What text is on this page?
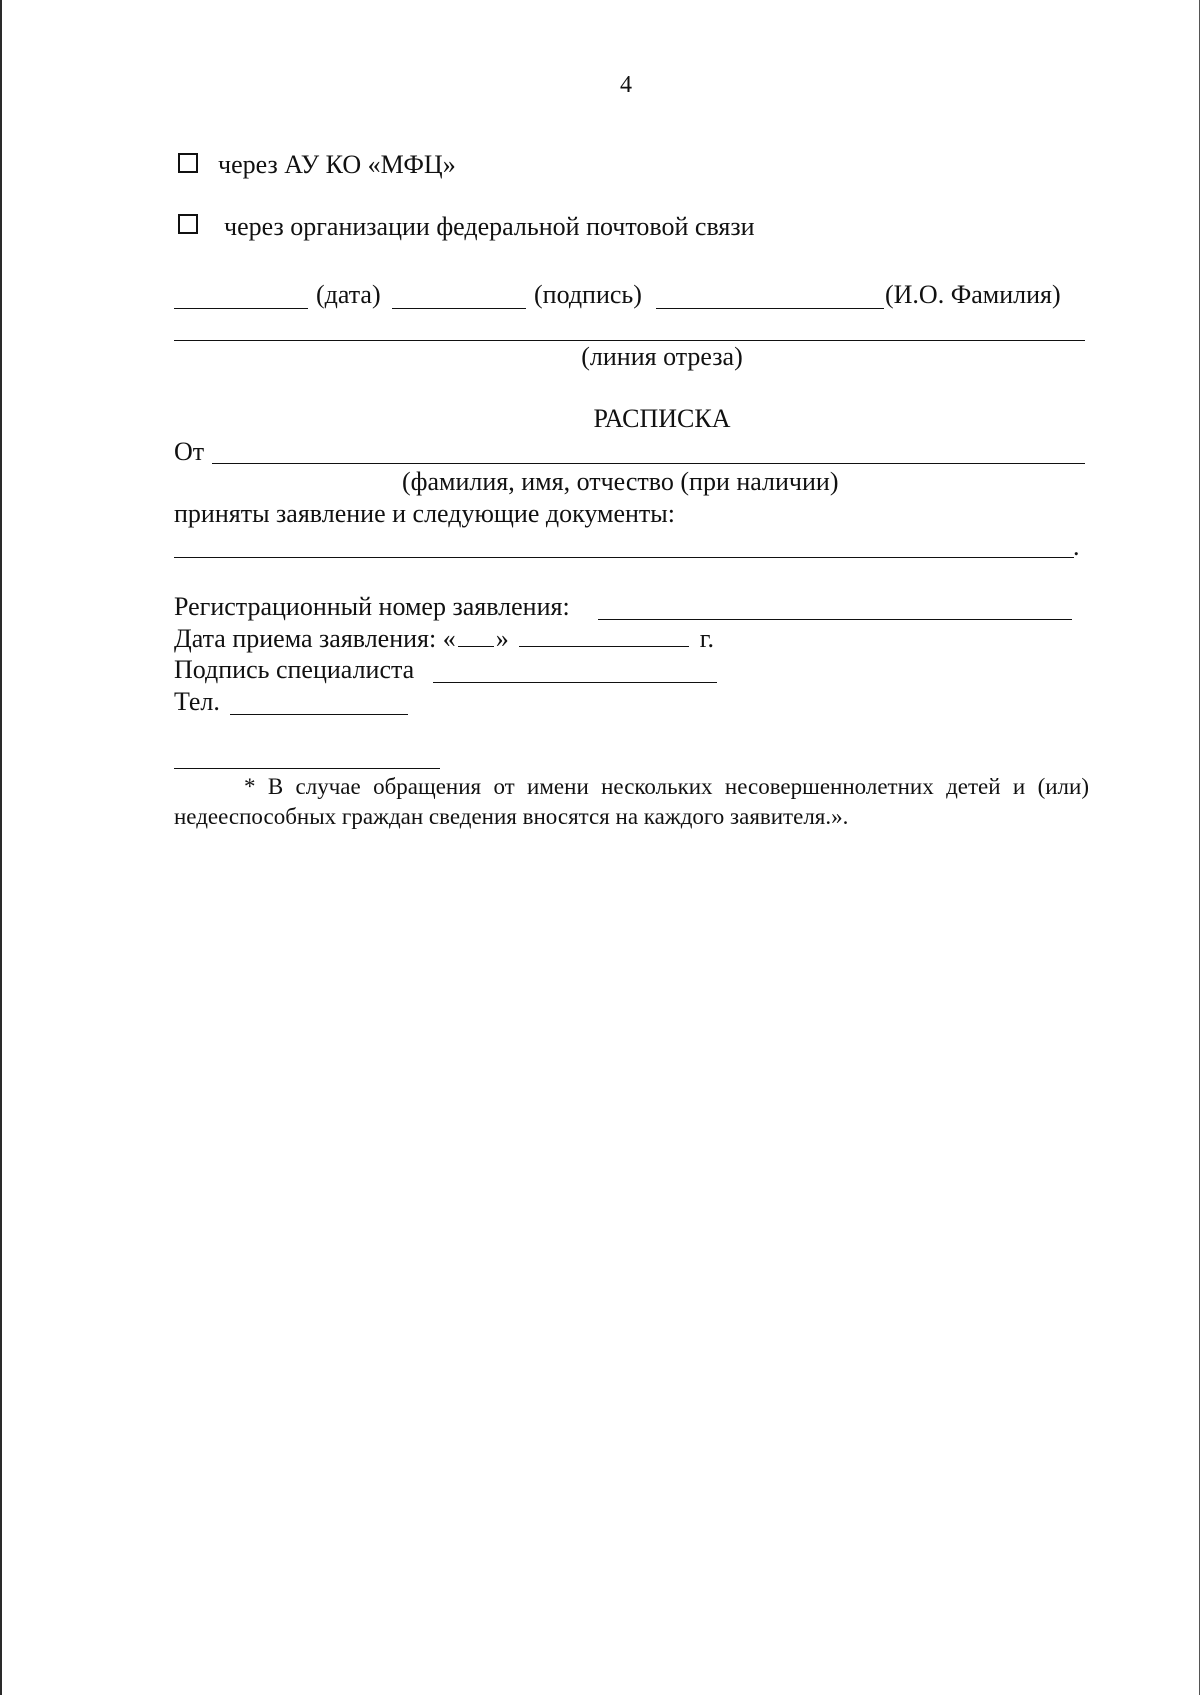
4
через АУ КО «МФЦ»
через организации федеральной почтовой связи
(дата)	(подпись)	(И.О. Фамилия)
(линия отреза)
РАСПИСКА
От
(фамилия, имя, отчество (при наличии)
приняты заявление и следующие документы:
.
Регистрационный номер заявления:
Дата приема заявления: « »	г.
Подпись специалиста
Тел.
* В случае обращения от имени нескольких несовершеннолетних детей и (или) недееспособных граждан сведения вносятся на каждого заявителя.».
